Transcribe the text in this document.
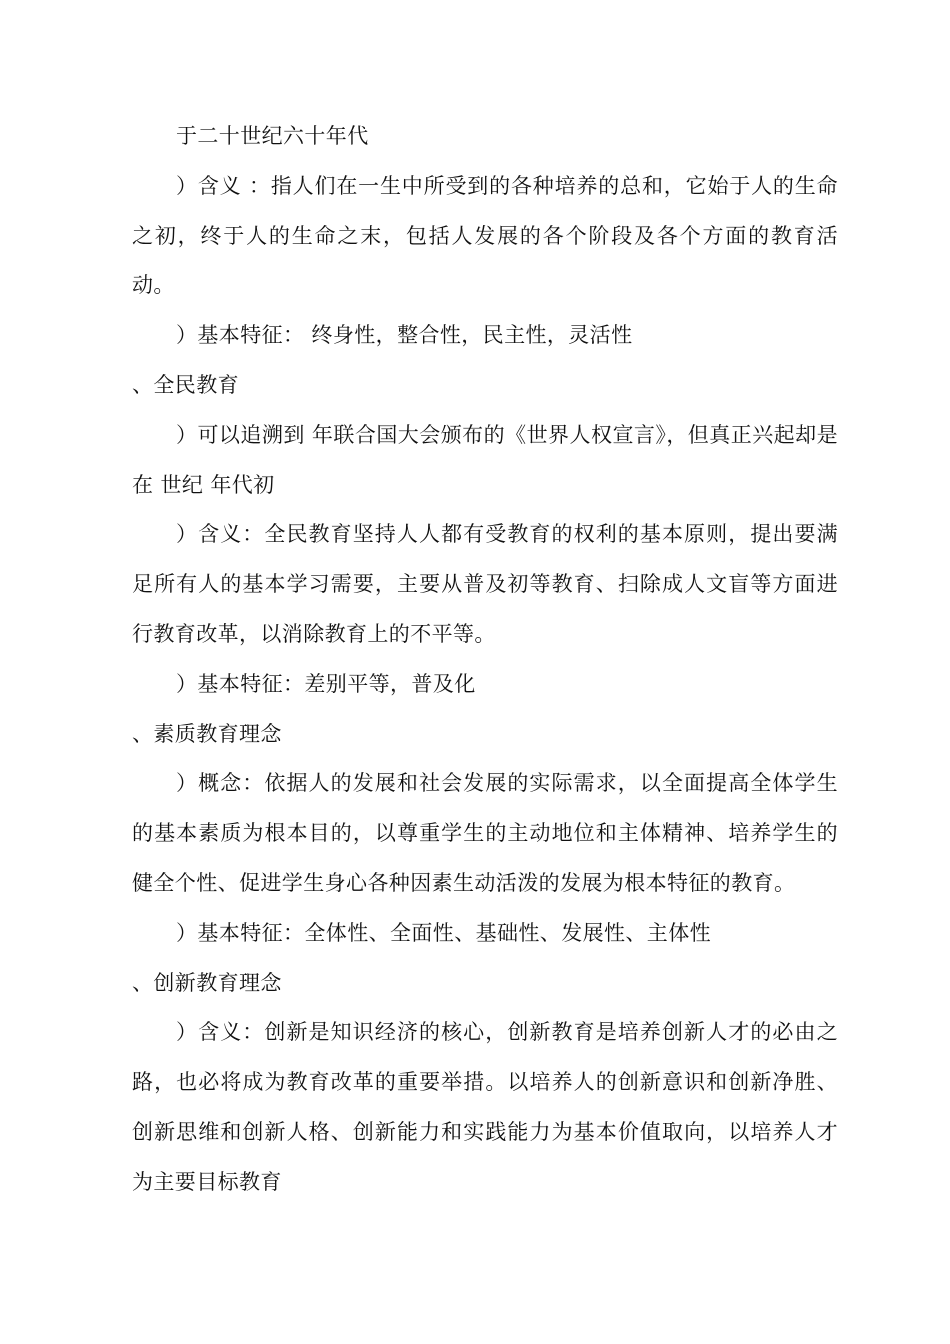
于二十世纪六十年代

）含义 ：指人们在一生中所受到的各种培养的总和，它始于人的生命之初，终于人的生命之末，包括人发展的各个阶段及各个方面的教育活动。

）基本特征： 终身性，整合性，民主性，灵活性

、全民教育

）可以追溯到 年联合国大会颁布的《世界人权宣言》，但真正兴起却是在 世纪 年代初

）含义：全民教育坚持人人都有受教育的权利的基本原则，提出要满足所有人的基本学习需要，主要从普及初等教育、扫除成人文盲等方面进行教育改革，以消除教育上的不平等。

）基本特征：差别平等，普及化

、素质教育理念

）概念：依据人的发展和社会发展的实际需求，以全面提高全体学生的基本素质为根本目的，以尊重学生的主动地位和主体精神、培养学生的健全个性、促进学生身心各种因素生动活泼的发展为根本特征的教育。

）基本特征：全体性、全面性、基础性、发展性、主体性

、创新教育理念

）含义：创新是知识经济的核心，创新教育是培养创新人才的必由之路，也必将成为教育改革的重要举措。以培养人的创新意识和创新净胜、创新思维和创新人格、创新能力和实践能力为基本价值取向，以培养人才为主要目标教育
